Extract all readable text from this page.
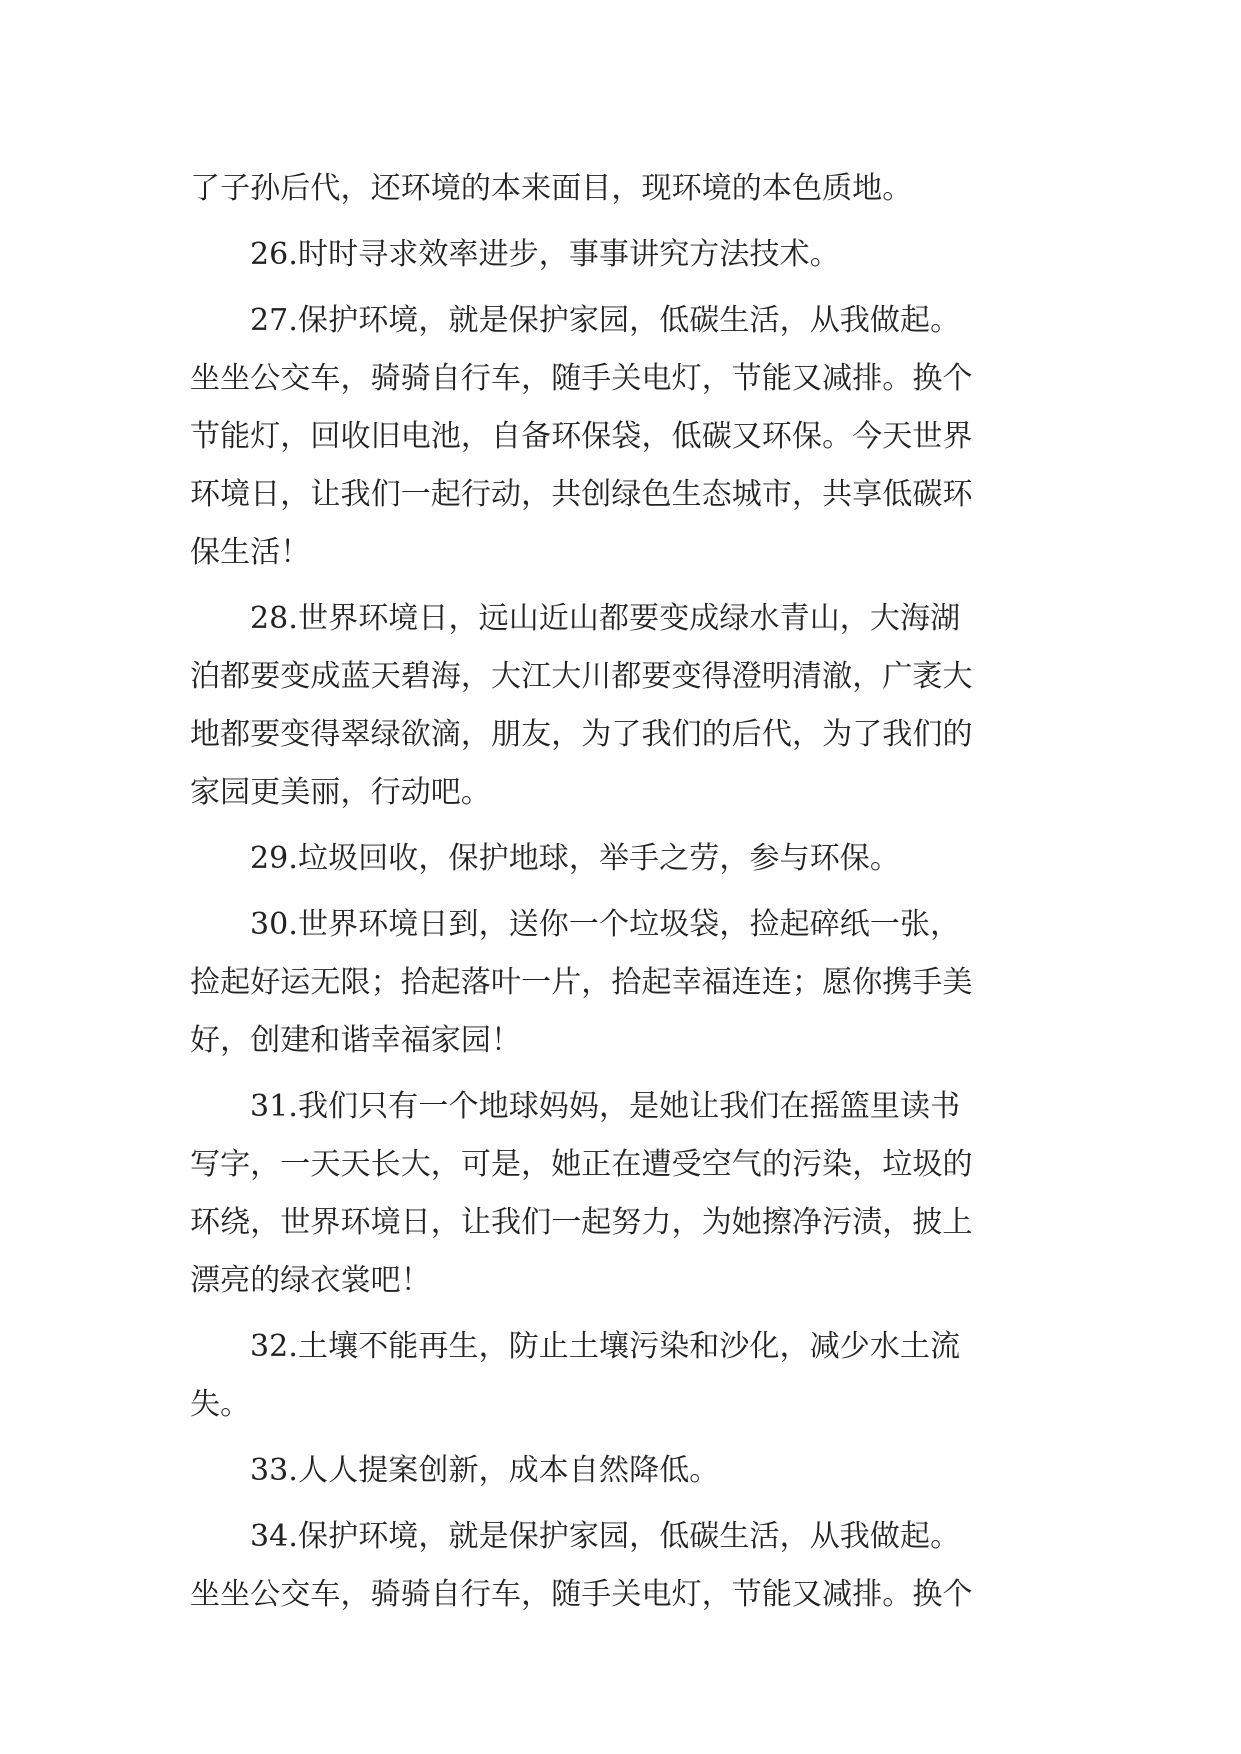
了子孙后代，还环境的本来面目，现环境的本色质地。
26.时时寻求效率进步，事事讲究方法技术。
27.保护环境，就是保护家园，低碳生活，从我做起。
坐坐公交车，骑骑自行车，随手关电灯，节能又减排。换个
节能灯，回收旧电池，自备环保袋，低碳又环保。今天世界
环境日，让我们一起行动，共创绿色生态城市，共享低碳环
保生活！
28.世界环境日，远山近山都要变成绿水青山，大海湖
泊都要变成蓝天碧海，大江大川都要变得澄明清澈，广袤大
地都要变得翠绿欲滴，朋友，为了我们的后代，为了我们的
家园更美丽，行动吧。
29.垃圾回收，保护地球，举手之劳，参与环保。
30.世界环境日到，送你一个垃圾袋，捡起碎纸一张，
捡起好运无限；拾起落叶一片，拾起幸福连连；愿你携手美
好，创建和谐幸福家园！
31.我们只有一个地球妈妈，是她让我们在摇篮里读书
写字，一天天长大，可是，她正在遭受空气的污染，垃圾的
环绕，世界环境日，让我们一起努力，为她擦净污渍，披上
漂亮的绿衣裳吧！
32.土壤不能再生，防止土壤污染和沙化，减少水土流
失。
33.人人提案创新，成本自然降低。
34.保护环境，就是保护家园，低碳生活，从我做起。
坐坐公交车，骑骑自行车，随手关电灯，节能又减排。换个
